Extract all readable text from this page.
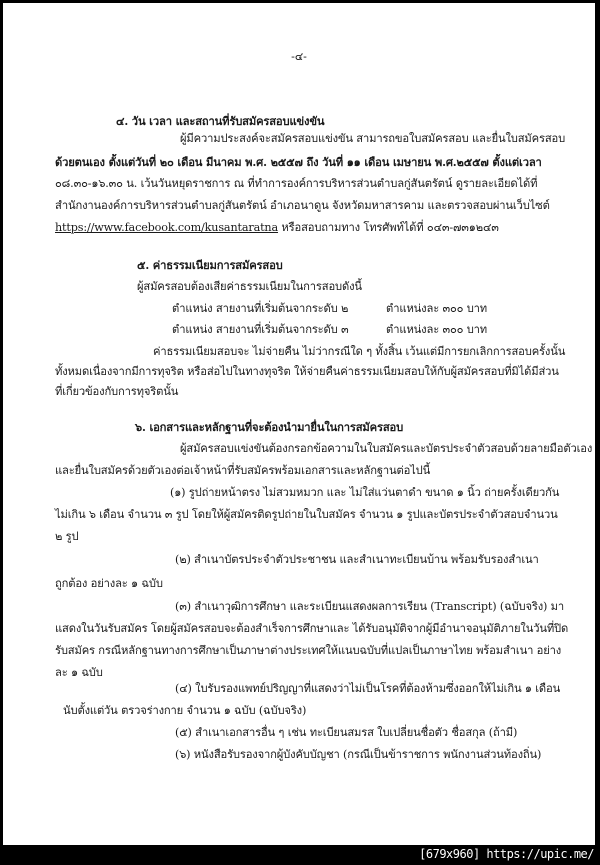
-๔-
๔. วัน เวลา และสถานที่รับสมัครสอบแข่งขัน
ผู้มีความประสงค์จะสมัครสอบแข่งขัน สามารถขอใบสมัครสอบ และยื่นใบสมัครสอบ
ด้วยตนเอง ตั้งแต่วันที่ ๒๐ เดือน มีนาคม พ.ศ. ๒๕๕๗ ถึง วันที่ ๑๑ เดือน เมษายน พ.ศ.๒๕๕๗ ตั้งแต่เวลา
๐๘.๓๐-๑๖.๓๐ น. เว้นวันหยุดราชการ ณ ที่ทำการองค์การบริหารส่วนตำบลกู่สันตรัตน์ ดูรายละเอียดได้ที่
สำนักงานองค์การบริหารส่วนตำบลกู่สันตรัตน์ อำเภอนาดูน จังหวัดมหาสารคาม และตรวจสอบผ่านเว็บไซต์
https://www.facebook.com/kusantaratna หรือสอบถามทาง โทรศัพท์ได้ที่ ๐๔๓-๗๓๑๒๔๓
๕. ค่าธรรมเนียมการสมัครสอบ
ผู้สมัครสอบต้องเสียค่าธรรมเนียมในการสอบดังนี้
ตำแหน่ง สายงานที่เริ่มต้นจากระดับ ๒	ตำแหน่งละ ๓๐๐ บาท
ตำแหน่ง สายงานที่เริ่มต้นจากระดับ ๓	ตำแหน่งละ ๓๐๐ บาท
ค่าธรรมเนียมสอบจะ ไม่จ่ายคืน ไม่ว่ากรณีใด ๆ ทั้งสิ้น เว้นแต่มีการยกเลิกการสอบครั้งนั้น
ทั้งหมดเนื่องจากมีการทุจริต หรือส่อไปในทางทุจริต ให้จ่ายคืนค่าธรรมเนียมสอบให้กับผู้สมัครสอบที่มิได้มีส่วน
ที่เกี่ยวข้องกับการทุจริตนั้น
๖. เอกสารและหลักฐานที่จะต้องนำมายื่นในการสมัครสอบ
ผู้สมัครสอบแข่งขันต้องกรอกข้อความในใบสมัครและบัตรประจำตัวสอบด้วยลายมือตัวเอง
และยื่นใบสมัครด้วยตัวเองต่อเจ้าหน้าที่รับสมัครพร้อมเอกสารและหลักฐานต่อไปนี้
(๑) รูปถ่ายหน้าตรง ไม่สวมหมวก และ ไม่ใส่แว่นตาดำ ขนาด ๑ นิ้ว ถ่ายครั้งเดียวกัน
ไม่เกิน ๖ เดือน จำนวน ๓ รูป โดยให้ผู้สมัครติดรูปถ่ายในใบสมัคร จำนวน ๑ รูปและบัตรประจำตัวสอบจำนวน
๒ รูป
(๒) สำเนาบัตรประจำตัวประชาชน และสำเนาทะเบียนบ้าน พร้อมรับรองสำเนา
ถูกต้อง อย่างละ ๑ ฉบับ
(๓) สำเนาวุฒิการศึกษา และระเบียนแสดงผลการเรียน (Transcript) (ฉบับจริง) มา
แสดงในวันรับสมัคร โดยผู้สมัครสอบจะต้องสำเร็จการศึกษาและ ได้รับอนุมัติจากผู้มีอำนาจอนุมัติภายในวันที่ปิด
รับสมัคร กรณีหลักฐานทางการศึกษาเป็นภาษาต่างประเทศให้แนบฉบับที่แปลเป็นภาษาไทย พร้อมสำเนา อย่าง
ละ ๑ ฉบับ
(๔) ใบรับรองแพทย์ปริญญาที่แสดงว่าไม่เป็นโรคที่ต้องห้ามซึ่งออกให้ไม่เกิน ๑ เดือน
นับตั้งแต่วัน ตรวจร่างกาย จำนวน ๑ ฉบับ (ฉบับจริง)
(๕) สำเนาเอกสารอื่น ๆ เช่น ทะเบียนสมรส ใบเปลี่ยนชื่อตัว ชื่อสกุล (ถ้ามี)
(๖) หนังสือรับรองจากผู้บังคับบัญชา (กรณีเป็นข้าราชการ พนักงานส่วนท้องถิ่น)
[679x960] https://upic.me/
